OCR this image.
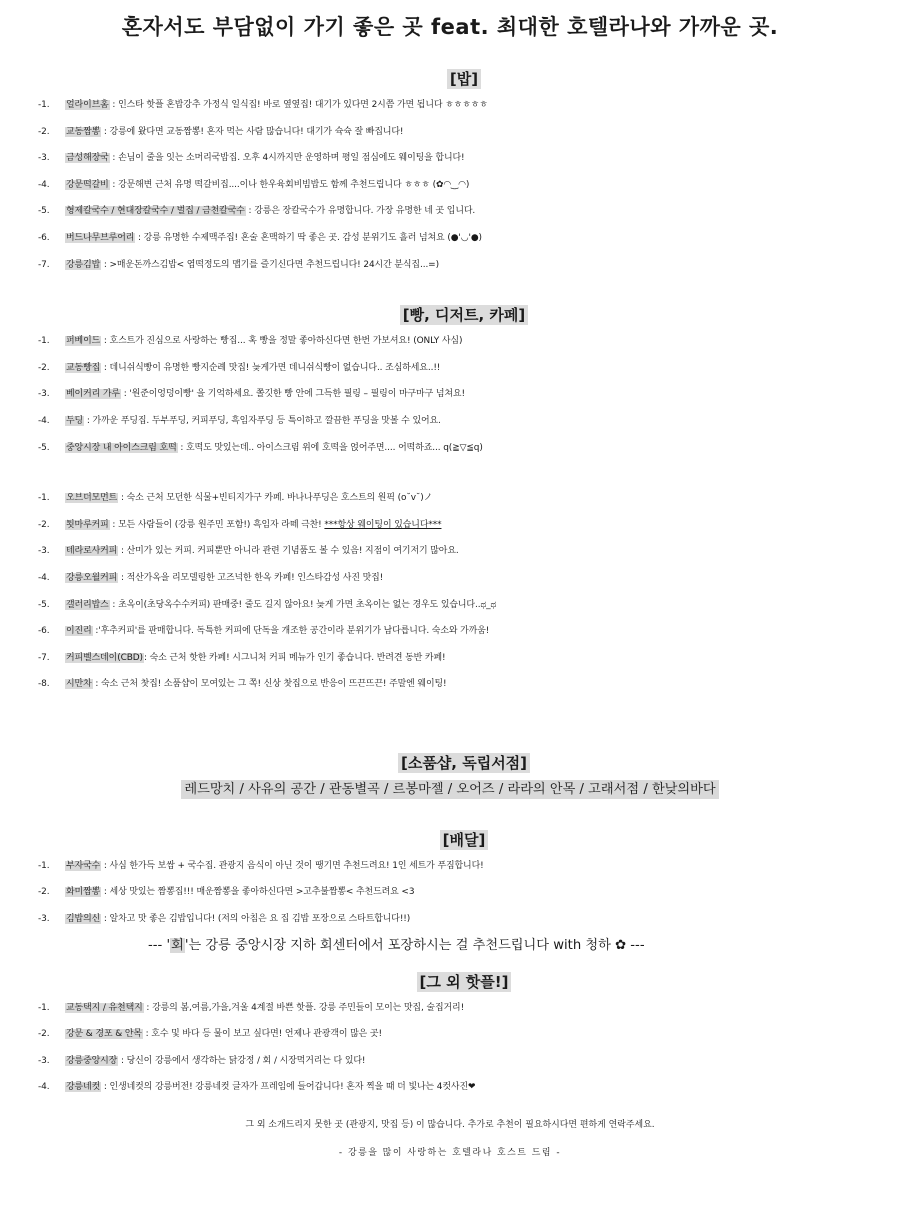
혼자서도 부담없이 가기 좋은 곳 feat. 최대한 호텔라나와 가까운 곳.
[밥]
-1. 얼라이브홈 : 인스타 핫플 혼밥강추 가정식 일식집! 바로 옆옆집! 대기가 있다면 2시쯤 가면 됩니다 ㅎㅎㅎㅎㅎ
-2. 교동짬뽕 : 강릉에 왔다면 교동짬뽕! 혼자 먹는 사람 많습니다! 대기가 슉슉 잘 빠집니다!
-3. 금성해장국 : 손님이 줄을 잇는 소머리국밥집. 오후 4시까지만 운영하며 평일 점심에도 웨이팅을 합니다!
-4. 강문떡갈비 : 강문해변 근처 유명 떡갈비집....이나 한우육회비빔밥도 함께 추천드립니다 ㅎㅎㅎ (✿◠‿◠)
-5. 형제칼국수 / 현대장칼국수 / 벌집 / 금천칼국수 : 강릉은 장칼국수가 유명합니다. 가장 유명한 네 곳 입니다.
-6. 버드나무브루어리 : 강릉 유명한 수제맥주집! 혼술 혼맥하기 딱 좋은 곳. 감성 분위기도 흘러 넘쳐요 (●'◡'●)
-7. 강릉김밥 : >매운돈까스김밥< 엽떡정도의 맵기를 즐기신다면 추천드립니다! 24시간 분식집...=)
[빵, 디저트, 카페]
-1. 퍼베이드 : 호스트가 진심으로 사랑하는 빵집... 혹 빵을 정말 좋아하신다면 한번 가보셔요! (ONLY 사심)
-2. 교동빵집 : 데니쉬식빵이 유명한 빵지순례 맛집! 늦게가면 데니쉬식빵이 없습니다.. 조심하세요..!!
-3. 베이커리 가루 : '원준이엉덩이빵' 을 기억하세요. 쫄깃한 빵 안에 그득한 필링 – 필링이 마구마구 넘쳐요!
-4. 두딩 : 가까운 푸딩집. 두부푸딩, 커피푸딩, 흑임자푸딩 등 특이하고 깔끔한 푸딩을 맛볼 수 있어요.
-5. 중앙시장 내 아이스크림 호떡 : 호떡도 맛있는데.. 아이스크림 위에 호떡을 얹어주면.... 어떡하죠... q(≧▽≦q)
-1. 오브더모먼트 : 숙소 근처 모던한 식물+빈티지가구 카페. 바나나푸딩은 호스트의 원픽 (o˘v˘)ノ
-2. 툇마루커피 : 모든 사람들이 (강릉 원주민 포함!) 흑임자 라떼 극찬! ***항상 웨이팅이 있습니다***
-3. 테라로사커피 : 산미가 있는 커피. 커피뿐만 아니라 관련 기념품도 볼 수 있음! 지점이 여기저기 많아요.
-4. 강릉오월커피 : 적산가옥을 리모델링한 고즈넉한 한옥 카페! 인스타감성 사진 맛집!
-5. 갤러리밥스 : 초옥이(초당옥수수커피) 판매중! 줄도 길지 않아요! 늦게 가면 초옥이는 없는 경우도 있습니다..ಥ_ಥ
-6. 이진리 :'후추커피'를 판매합니다. 독특한 커피에 단독을 개조한 공간이라 분위기가 남다릅니다. 숙소와 가까움!
-7. 커피벨스데이(CBD): 숙소 근처 핫한 카페! 시그니처 커피 메뉴가 인기 좋습니다. 반려견 동반 카페!
-8. 시만차 : 숙소 근처 찻집! 소품샵이 모여있는 그 쪽! 신상 찻집으로 반응이 뜨끈뜨끈! 주말엔 웨이팅!
[소품샵, 독립서점]
레드망치 / 사유의 공간 / 관동별곡 / 르봉마젤 / 오어즈 / 라라의 안목 / 고래서점 / 한낮의바다
[배달]
-1. 부자국수 : 사심 한가득 보쌈 + 국수집. 관광지 음식이 아닌 것이 땡기면 추천드려요! 1인 세트가 푸짐합니다!
-2. 화미짬뽕 : 세상 맛있는 짬뽕집!!! 매운짬뽕을 좋아하신다면 >고추불짬뽕< 추천드려요 <3
-3. 김밥의신 : 알차고 맛 좋은 김밥입니다! (저의 아침은 요 집 김밥 포장으로 스타트합니다!!)
--- '회'는 강릉 중앙시장 지하 회센터에서 포장하시는 걸 추천드립니다 with 청하 ✿ ---
[그 외 핫플!]
-1. 교동택지 / 유천택지 : 강릉의 봄,여름,가을,겨울 4계절 바쁜 핫플. 강릉 주민들이 모이는 맛집, 술집거리!
-2. 강문 & 경포 & 안목 : 호수 및 바다 등 물이 보고 싶다면! 언제나 관광객이 많은 곳!
-3. 강릉중앙시장 : 당신이 강릉에서 생각하는 닭강정 / 회 / 시장먹거리는 다 있다!
-4. 강릉네컷 : 인생네컷의 강릉버전! 강릉네컷 글자가 프레임에 들어갑니다! 혼자 찍을 때 더 빛나는 4컷사진❤
그 외 소개드리지 못한 곳 (관광지, 맛집 등) 이 많습니다. 추가로 추천이 필요하시다면 편하게 연락주세요.
- 강릉을 많이 사랑하는 호텔라나 호스트 드림 -
